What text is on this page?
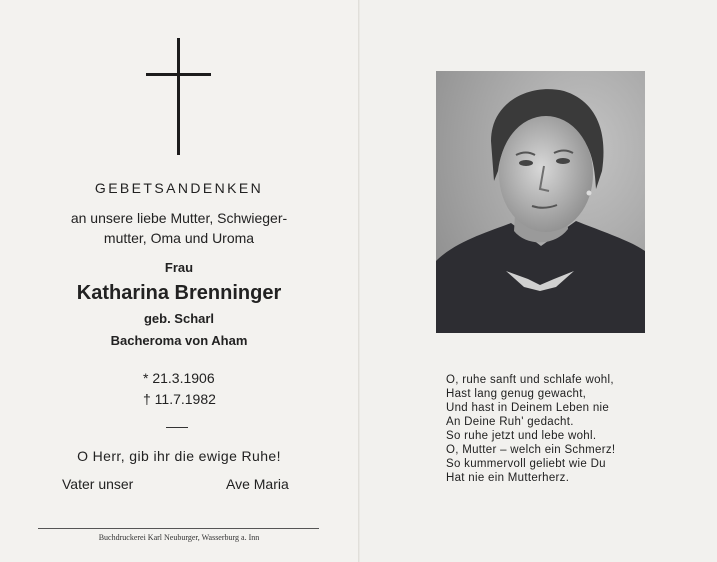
GEBETSANDENKEN
an unsere liebe Mutter, Schwieger-
mutter, Oma und Uroma
Frau
Katharina Brenninger
geb. Scharl
Bacheroma von Aham
* 21.3.1906
† 11.7.1982
O Herr, gib ihr die ewige Ruhe!
Vater unser	Ave Maria
Buchdruckerei Karl Neuburger, Wasserburg a. Inn
O, ruhe sanft und schlafe wohl,
Hast lang genug gewacht,
Und hast in Deinem Leben nie
An Deine Ruh' gedacht.
So ruhe jetzt und lebe wohl.
O, Mutter – welch ein Schmerz!
So kummervoll geliebt wie Du
Hat nie ein Mutterherz.
